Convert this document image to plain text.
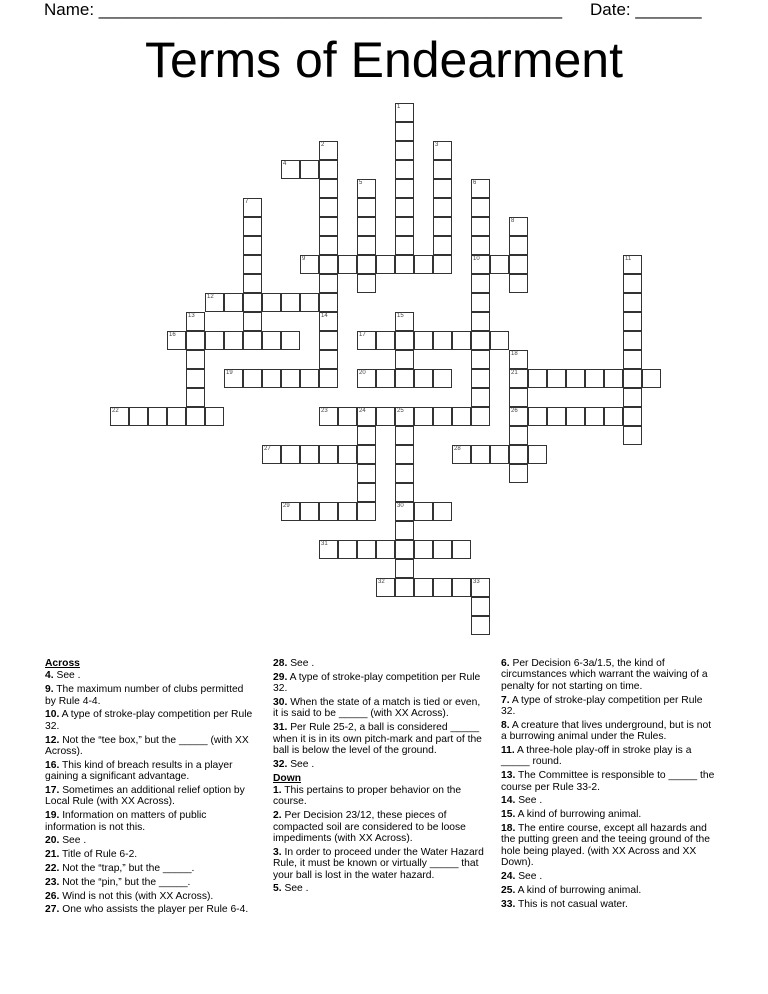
Name: _________________________________________________ Date: _______
Terms of Endearment
1
2
14
3
4
5	6
10
7
8
9	11
12
13	15
16	17
18
21
26
19	20
22	23	24	25
30
27	28
29
31
32	33

Across

4. See .

9. The maximum number of clubs permitted by Rule 4-4.

10. A type of stroke-play competition per Rule 32.

12. Not the “tee box,” but the _____ (with XX Across).

16. This kind of breach results in a player gaining a significant advantage.

17. Sometimes an additional relief option by Local Rule (with XX Across).

19. Information on matters of public information is not this.

20. See .

21. Title of Rule 6-2.

22. Not the “trap,” but the _____.

23. Not the “pin,” but the _____.

26. Wind is not this (with XX Across).

27. One who assists the player per Rule 6-4.

28. See .

29. A type of stroke-play competition per Rule 32.

30. When the state of a match is tied or even, it is said to be _____ (with XX Across).

31. Per Rule 25-2, a ball is considered _____ when it is in its own pitch-mark and part of the ball is below the level of the ground.

32. See .

Down

1. This pertains to proper behavior on the course.

2. Per Decision 23/12, these pieces of compacted soil are considered to be loose impediments (with XX Across).

3. In order to proceed under the Water Hazard Rule, it must be known or virtually _____ that your ball is lost in the water hazard.

5. See .

6. Per Decision 6-3a/1.5, the kind of circumstances which warrant the waiving of a penalty for not starting on time.

7. A type of stroke-play competition per Rule 32.

8. A creature that lives underground, but is not a burrowing animal under the Rules.

11. A three-hole play-off in stroke play is a _____ round.

13. The Committee is responsible to _____ the course per Rule 33-2.

14. See .

15. A kind of burrowing animal.

18. The entire course, except all hazards and the putting green and the teeing ground of the hole being played. (with XX Across and XX Down).

24. See .

25. A kind of burrowing animal.

33. This is not casual water.
